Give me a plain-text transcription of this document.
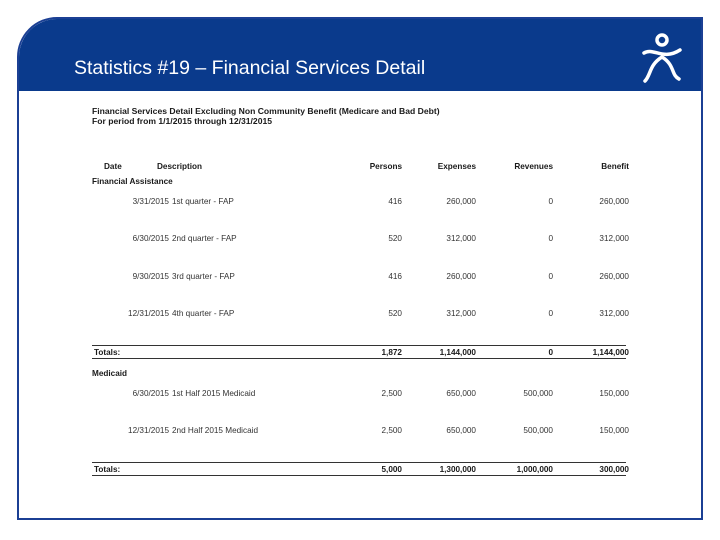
Statistics #19 – Financial Services Detail
Financial Services Detail Excluding Non Community Benefit (Medicare and Bad Debt)
For period from 1/1/2015 through 12/31/2015
Date	Description	Persons	Expenses	Revenues	Benefit
Financial Assistance
3/31/2015 1st quarter - FAP	416	260,000	0	260,000
6/30/2015 2nd quarter - FAP	520	312,000	0	312,000
9/30/2015 3rd quarter - FAP	416	260,000	0	260,000
12/31/2015 4th quarter - FAP	520	312,000	0	312,000
Totals:	1,872	1,144,000	0	1,144,000
Medicaid
6/30/2015 1st Half 2015 Medicaid	2,500	650,000	500,000	150,000
12/31/2015 2nd Half 2015 Medicaid	2,500	650,000	500,000	150,000
Totals:	5,000	1,300,000	1,000,000	300,000
